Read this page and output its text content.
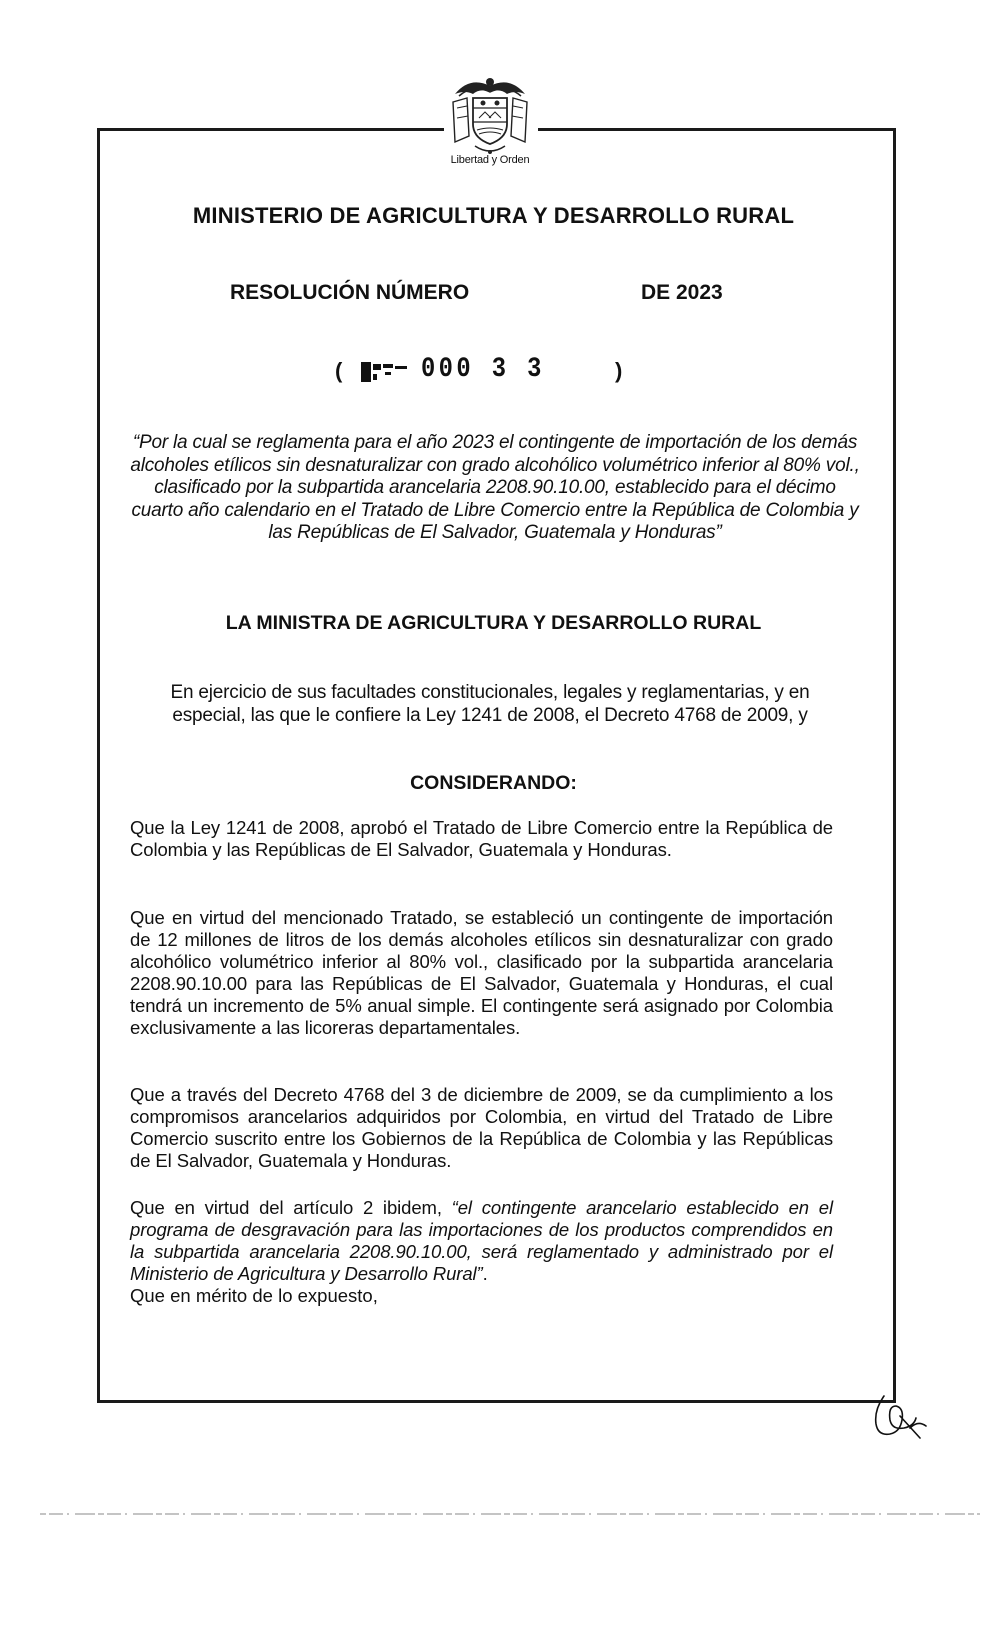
Libertad y Orden
MINISTERIO DE AGRICULTURA Y DESARROLLO RURAL
RESOLUCIÓN NÚMERO	DE 2023
(	000 3 3	)
“Por la cual se reglamenta para el año 2023 el contingente de importación de los demás alcoholes etílicos sin desnaturalizar con grado alcohólico volumétrico inferior al 80% vol., clasificado por la subpartida arancelaria 2208.90.10.00, establecido para el décimo cuarto año calendario en el Tratado de Libre Comercio entre la República de Colombia y las Repúblicas de El Salvador, Guatemala y Honduras”
LA MINISTRA DE AGRICULTURA Y DESARROLLO RURAL
En ejercicio de sus facultades constitucionales, legales y reglamentarias, y en especial, las que le confiere la Ley 1241 de 2008, el Decreto 4768 de 2009, y
CONSIDERANDO:
Que la Ley 1241 de 2008, aprobó el Tratado de Libre Comercio entre la República de Colombia y las Repúblicas de El Salvador, Guatemala y Honduras.
Que en virtud del mencionado Tratado, se estableció un contingente de importación de 12 millones de litros de los demás alcoholes etílicos sin desnaturalizar con grado alcohólico volumétrico inferior al 80% vol., clasificado por la subpartida arancelaria 2208.90.10.00 para las Repúblicas de El Salvador, Guatemala y Honduras, el cual tendrá un incremento de 5% anual simple. El contingente será asignado por Colombia exclusivamente a las licoreras departamentales.
Que a través del Decreto 4768 del 3 de diciembre de 2009, se da cumplimiento a los compromisos arancelarios adquiridos por Colombia, en virtud del Tratado de Libre Comercio suscrito entre los Gobiernos de la República de Colombia y las Repúblicas de El Salvador, Guatemala y Honduras.
Que en virtud del artículo 2 ibidem, “el contingente arancelario establecido en el programa de desgravación para las importaciones de los productos comprendidos en la subpartida arancelaria 2208.90.10.00, será reglamentado y administrado por el Ministerio de Agricultura y Desarrollo Rural”.
Que en mérito de lo expuesto,
